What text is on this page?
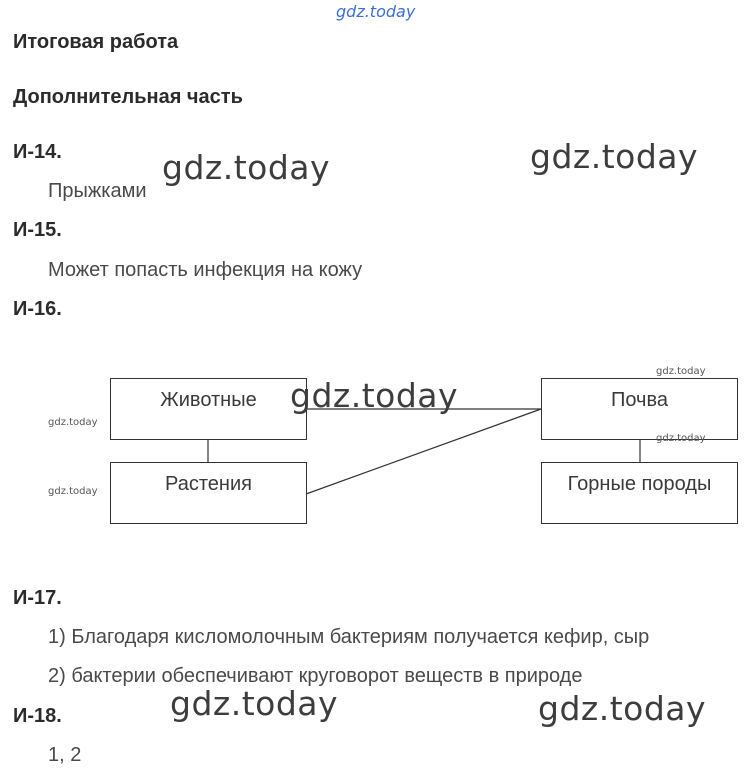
gdz.today
Итоговая работа
Дополнительная часть
И-14.
Прыжками
gdz.today	gdz.today
И-15.
Может попасть инфекция на кожу
И-16.
Животные
Растения
Почва
Горные породы
gdz.today
gdz.today
gdz.today
gdz.today
gdz.today
И-17.
1) Благодаря кисломолочным бактериям получается кефир, сыр
2) бактерии обеспечивают круговорот веществ в природе
И-18.
1, 2
gdz.today	gdz.today
